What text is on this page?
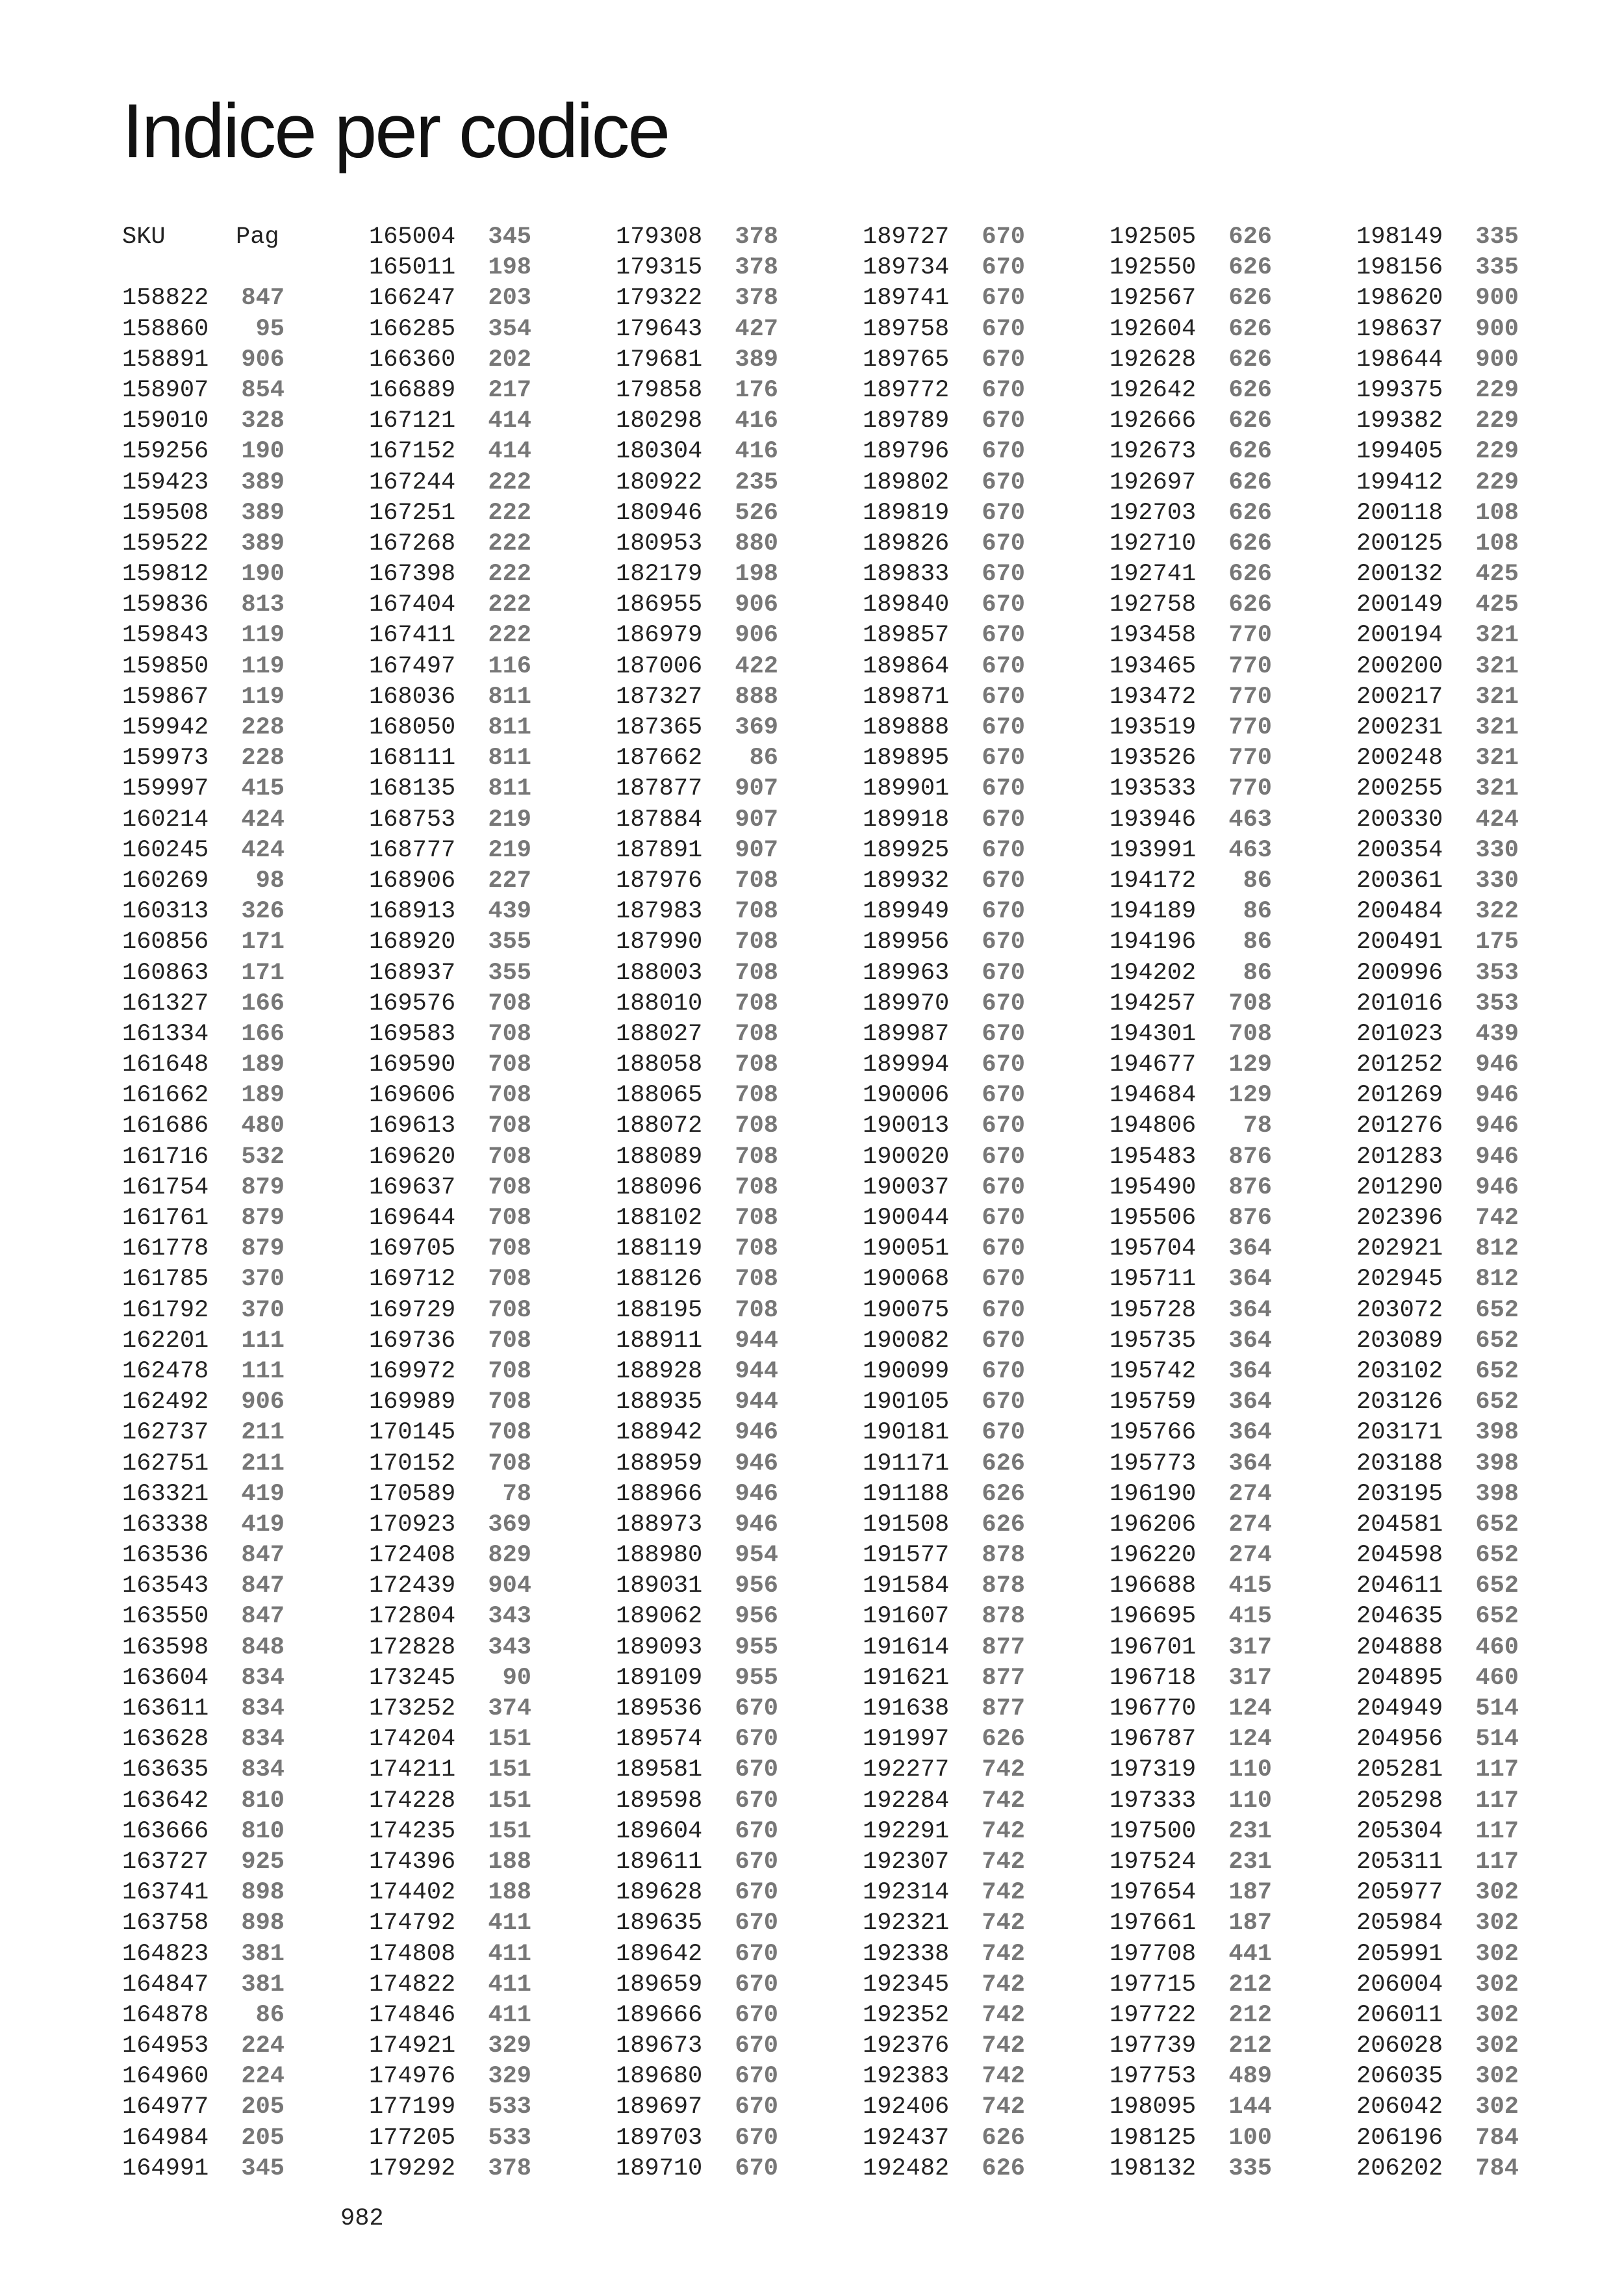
Indice per codice
SKU	Pag
158822	847
158860	95
158891	906
158907	854
159010	328
159256	190
159423	389
159508	389
159522	389
159812	190
159836	813
159843	119
159850	119
159867	119
159942	228
159973	228
159997	415
160214	424
160245	424
160269	98
160313	326
160856	171
160863	171
161327	166
161334	166
161648	189
161662	189
161686	480
161716	532
161754	879
161761	879
161778	879
161785	370
161792	370
162201	111
162478	111
162492	906
162737	211
162751	211
163321	419
163338	419
163536	847
163543	847
163550	847
163598	848
163604	834
163611	834
163628	834
163635	834
163642	810
163666	810
163727	925
163741	898
163758	898
164823	381
164847	381
164878	86
164953	224
164960	224
164977	205
164984	205
164991	345
165004	345
165011	198
166247	203
166285	354
166360	202
166889	217
167121	414
167152	414
167244	222
167251	222
167268	222
167398	222
167404	222
167411	222
167497	116
168036	811
168050	811
168111	811
168135	811
168753	219
168777	219
168906	227
168913	439
168920	355
168937	355
169576	708
169583	708
169590	708
169606	708
169613	708
169620	708
169637	708
169644	708
169705	708
169712	708
169729	708
169736	708
169972	708
169989	708
170145	708
170152	708
170589	78
170923	369
172408	829
172439	904
172804	343
172828	343
173245	90
173252	374
174204	151
174211	151
174228	151
174235	151
174396	188
174402	188
174792	411
174808	411
174822	411
174846	411
174921	329
174976	329
177199	533
177205	533
179292	378
179308	378
179315	378
179322	378
179643	427
179681	389
179858	176
180298	416
180304	416
180922	235
180946	526
180953	880
182179	198
186955	906
186979	906
187006	422
187327	888
187365	369
187662	86
187877	907
187884	907
187891	907
187976	708
187983	708
187990	708
188003	708
188010	708
188027	708
188058	708
188065	708
188072	708
188089	708
188096	708
188102	708
188119	708
188126	708
188195	708
188911	944
188928	944
188935	944
188942	946
188959	946
188966	946
188973	946
188980	954
189031	956
189062	956
189093	955
189109	955
189536	670
189574	670
189581	670
189598	670
189604	670
189611	670
189628	670
189635	670
189642	670
189659	670
189666	670
189673	670
189680	670
189697	670
189703	670
189710	670
189727	670
189734	670
189741	670
189758	670
189765	670
189772	670
189789	670
189796	670
189802	670
189819	670
189826	670
189833	670
189840	670
189857	670
189864	670
189871	670
189888	670
189895	670
189901	670
189918	670
189925	670
189932	670
189949	670
189956	670
189963	670
189970	670
189987	670
189994	670
190006	670
190013	670
190020	670
190037	670
190044	670
190051	670
190068	670
190075	670
190082	670
190099	670
190105	670
190181	670
191171	626
191188	626
191508	626
191577	878
191584	878
191607	878
191614	877
191621	877
191638	877
191997	626
192277	742
192284	742
192291	742
192307	742
192314	742
192321	742
192338	742
192345	742
192352	742
192376	742
192383	742
192406	742
192437	626
192482	626
192505	626
192550	626
192567	626
192604	626
192628	626
192642	626
192666	626
192673	626
192697	626
192703	626
192710	626
192741	626
192758	626
193458	770
193465	770
193472	770
193519	770
193526	770
193533	770
193946	463
193991	463
194172	86
194189	86
194196	86
194202	86
194257	708
194301	708
194677	129
194684	129
194806	78
195483	876
195490	876
195506	876
195704	364
195711	364
195728	364
195735	364
195742	364
195759	364
195766	364
195773	364
196190	274
196206	274
196220	274
196688	415
196695	415
196701	317
196718	317
196770	124
196787	124
197319	110
197333	110
197500	231
197524	231
197654	187
197661	187
197708	441
197715	212
197722	212
197739	212
197753	489
198095	144
198125	100
198132	335
198149	335
198156	335
198620	900
198637	900
198644	900
199375	229
199382	229
199405	229
199412	229
200118	108
200125	108
200132	425
200149	425
200194	321
200200	321
200217	321
200231	321
200248	321
200255	321
200330	424
200354	330
200361	330
200484	322
200491	175
200996	353
201016	353
201023	439
201252	946
201269	946
201276	946
201283	946
201290	946
202396	742
202921	812
202945	812
203072	652
203089	652
203102	652
203126	652
203171	398
203188	398
203195	398
204581	652
204598	652
204611	652
204635	652
204888	460
204895	460
204949	514
204956	514
205281	117
205298	117
205304	117
205311	117
205977	302
205984	302
205991	302
206004	302
206011	302
206028	302
206035	302
206042	302
206196	784
206202	784
982
